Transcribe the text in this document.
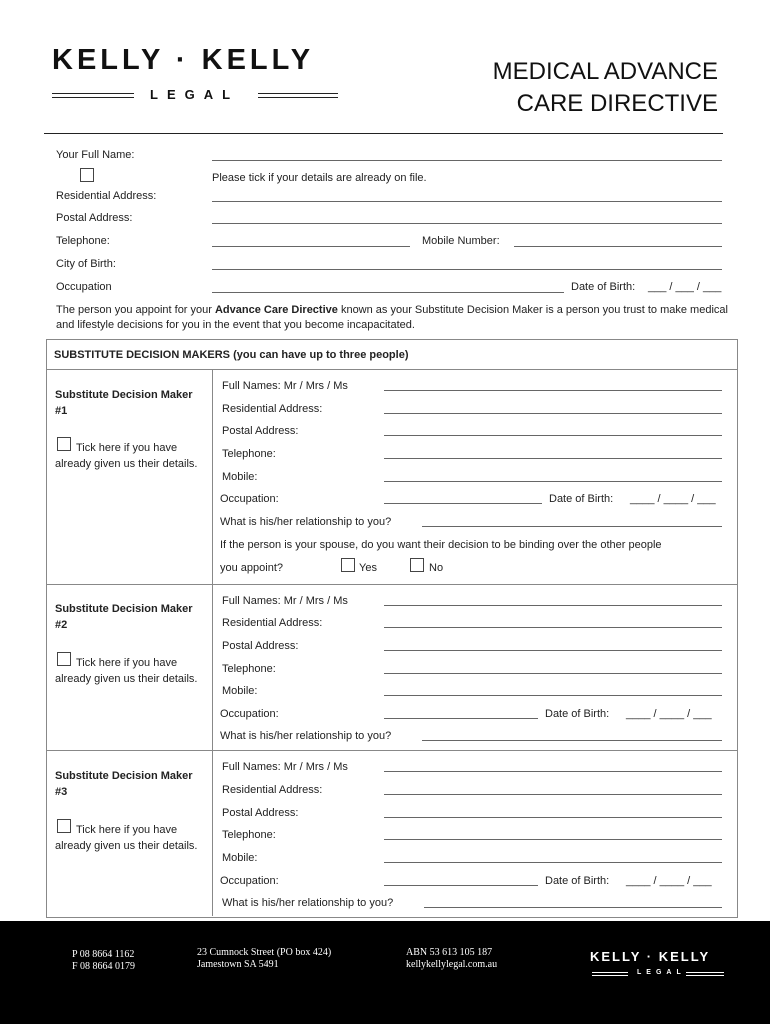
KELLY · KELLY
LEGAL
MEDICAL ADVANCE
CARE DIRECTIVE
Your Full Name:
Please tick if your details are already on file.
Residential Address:
Postal Address:
Telephone:	Mobile Number:
City of Birth:
Occupation	Date of Birth: ___ / ___ / ___
The person you appoint for your Advance Care Directive known as your Substitute Decision Maker is a person you trust to make medical and lifestyle decisions for you in the event that you become incapacitated.
SUBSTITUTE DECISION MAKERS (you can have up to three people)
Substitute Decision Maker
#1
Tick here if you have already given us their details.
Full Names: Mr / Mrs / Ms
Residential Address:
Postal Address:
Telephone:
Mobile:
Occupation:	Date of Birth: ____ / ____ / ___
What is his/her relationship to you?
If the person is your spouse, do you want their decision to be binding over the other people
you appoint?	Yes	No
Substitute Decision Maker
#2
Tick here if you have already given us their details.
Full Names: Mr / Mrs / Ms
Residential Address:
Postal Address:
Telephone:
Mobile:
Occupation:	Date of Birth: ____ / ____ / ___
What is his/her relationship to you?
Substitute Decision Maker
#3
Tick here if you have already given us their details.
Full Names: Mr / Mrs / Ms
Residential Address:
Postal Address:
Telephone:
Mobile:
Occupation:	Date of Birth: ____ / ____ / ___
What is his/her relationship to you?
P 08 8664 1162
F 08 8664 0179
23 Cumnock Street (PO box 424)
Jamestown SA 5491
ABN 53 613 105 187
kellykellylegal.com.au
KELLY · KELLY
LEGAL
